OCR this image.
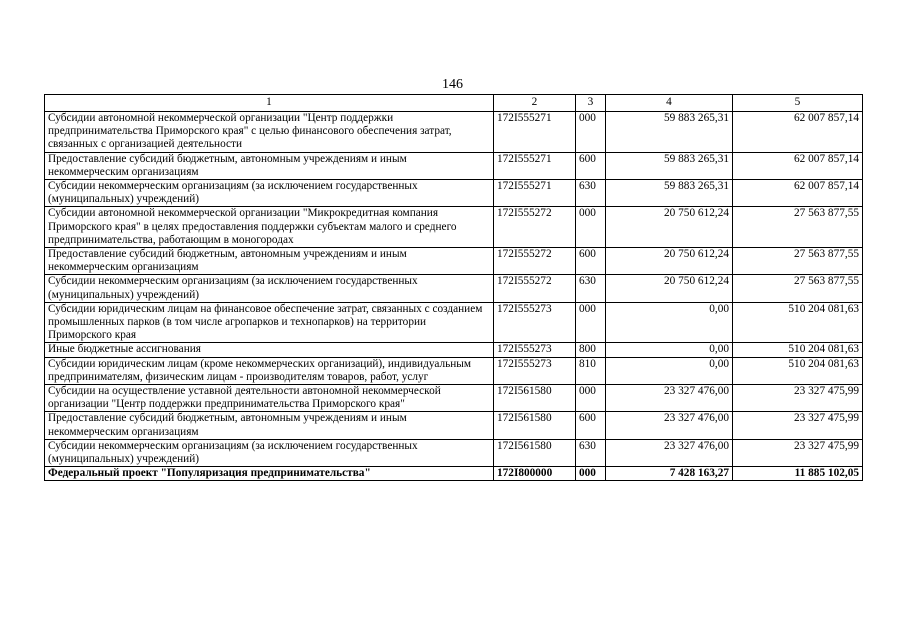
146
1	2	3	4	5
Субсидии автономной некоммерческой организации "Центр поддержки предпринимательства Приморского края" с целью финансового обеспечения затрат, связанных с организацией деятельности	172I555271	000	59 883 265,31	62 007 857,14
Предоставление субсидий бюджетным, автономным учреждениям и иным некоммерческим организациям	172I555271	600	59 883 265,31	62 007 857,14
Субсидии некоммерческим организациям (за исключением государственных (муниципальных) учреждений)	172I555271	630	59 883 265,31	62 007 857,14
Субсидии автономной некоммерческой организации "Микрокредитная компания Приморского края" в целях предоставления поддержки субъектам малого и среднего предпринимательства, работающим в моногородах	172I555272	000	20 750 612,24	27 563 877,55
Предоставление субсидий бюджетным, автономным учреждениям и иным некоммерческим организациям	172I555272	600	20 750 612,24	27 563 877,55
Субсидии некоммерческим организациям (за исключением государственных (муниципальных) учреждений)	172I555272	630	20 750 612,24	27 563 877,55
Субсидии юридическим лицам на финансовое обеспечение затрат, связанных с созданием промышленных парков (в том числе агропарков и технопарков) на территории Приморского края	172I555273	000	0,00	510 204 081,63
Иные бюджетные ассигнования	172I555273	800	0,00	510 204 081,63
Субсидии юридическим лицам (кроме некоммерческих организаций), индивидуальным предпринимателям, физическим лицам - производителям товаров, работ, услуг	172I555273	810	0,00	510 204 081,63
Субсидии на осуществление уставной деятельности автономной некоммерческой организации "Центр поддержки предпринимательства Приморского края"	172I561580	000	23 327 476,00	23 327 475,99
Предоставление субсидий бюджетным, автономным учреждениям и иным некоммерческим организациям	172I561580	600	23 327 476,00	23 327 475,99
Субсидии некоммерческим организациям (за исключением государственных (муниципальных) учреждений)	172I561580	630	23 327 476,00	23 327 475,99
Федеральный проект "Популяризация предпринимательства"	172I800000	000	7 428 163,27	11 885 102,05
